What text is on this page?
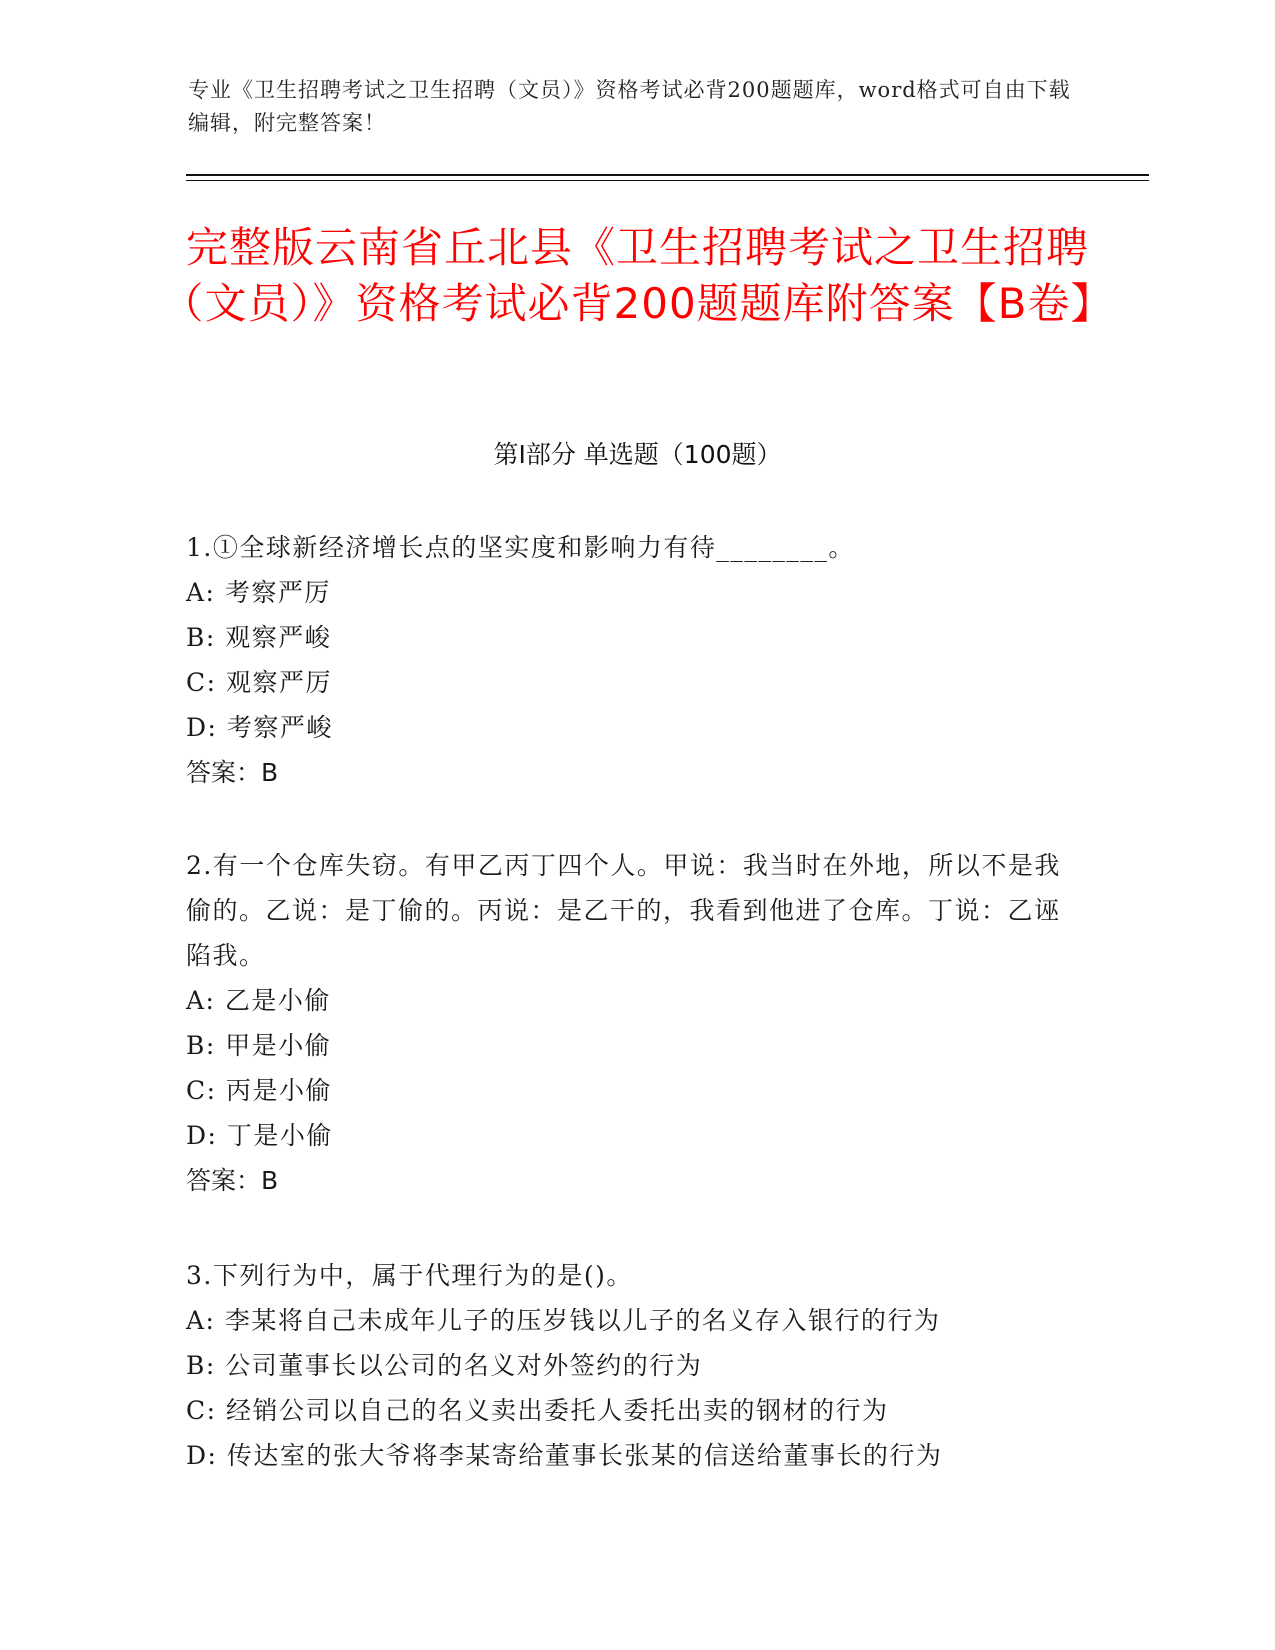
专业《卫生招聘考试之卫生招聘（文员）》资格考试必背200题题库，word格式可自由下载编辑，附完整答案！
完整版云南省丘北县《卫生招聘考试之卫生招聘（文员）》资格考试必背200题题库附答案【B卷】
第Ⅰ部分 单选题（100题）
1.①全球新经济增长点的坚实度和影响力有待________。
A: 考察严厉
B: 观察严峻
C: 观察严厉
D: 考察严峻
答案：B
2.有一个仓库失窃。有甲乙丙丁四个人。甲说：我当时在外地，所以不是我偷的。乙说：是丁偷的。丙说：是乙干的，我看到他进了仓库。丁说：乙诬陷我。
A: 乙是小偷
B: 甲是小偷
C: 丙是小偷
D: 丁是小偷
答案：B
3.下列行为中，属于代理行为的是()。
A: 李某将自己未成年儿子的压岁钱以儿子的名义存入银行的行为
B: 公司董事长以公司的名义对外签约的行为
C: 经销公司以自己的名义卖出委托人委托出卖的钢材的行为
D: 传达室的张大爷将李某寄给董事长张某的信送给董事长的行为
